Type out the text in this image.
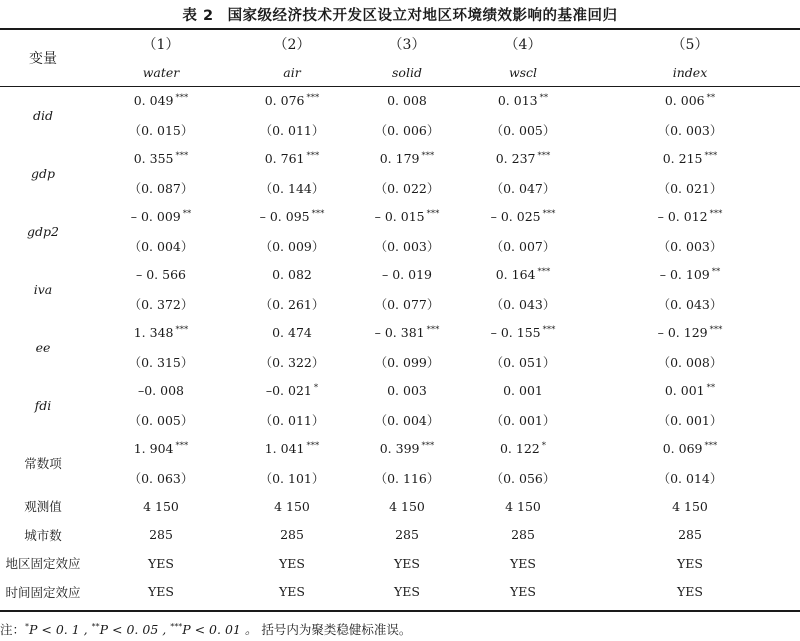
表 2 国家级经济技术开发区设立对地区环境绩效影响的基准回归
变量	（1）	（2）	（3）	（4）	（5）
	water	air	solid	wscl	index
did	0. 049 ***	0. 076 ***	0. 008	0. 013 **	0. 006 **
	（0. 015）	（0. 011）	（0. 006）	（0. 005）	（0. 003）
gdp	0. 355 ***	0. 761 ***	0. 179 ***	0. 237 ***	0. 215 ***
	（0. 087）	（0. 144）	（0. 022）	（0. 047）	（0. 021）
gdp2	– 0. 009 **	– 0. 095 ***	– 0. 015 ***	– 0. 025 ***	– 0. 012 ***
	（0. 004）	（0. 009）	（0. 003）	（0. 007）	（0. 003）
iva	– 0. 566	0. 082	– 0. 019	0. 164 ***	– 0. 109 **
	（0. 372）	（0. 261）	（0. 077）	（0. 043）	（0. 043）
ee	1. 348 ***	0. 474	– 0. 381 ***	– 0. 155 ***	– 0. 129 ***
	（0. 315）	（0. 322）	（0. 099）	（0. 051）	（0. 008）
fdi	–0. 008	–0. 021 *	0. 003	0. 001	0. 001 **
	（0. 005）	（0. 011）	（0. 004）	（0. 001）	（0. 001）
常数项	1. 904 ***	1. 041 ***	0. 399 ***	0. 122 *	0. 069 ***
	（0. 063）	（0. 101）	（0. 116）	（0. 056）	（0. 014）
观测值	4 150	4 150	4 150	4 150	4 150
城市数	285	285	285	285	285
地区固定效应	YES	YES	YES	YES	YES
时间固定效应	YES	YES	YES	YES	YES
注：*P < 0. 1 , **P < 0. 05 , ***P < 0. 01 。 括号内为聚类稳健标准误。
